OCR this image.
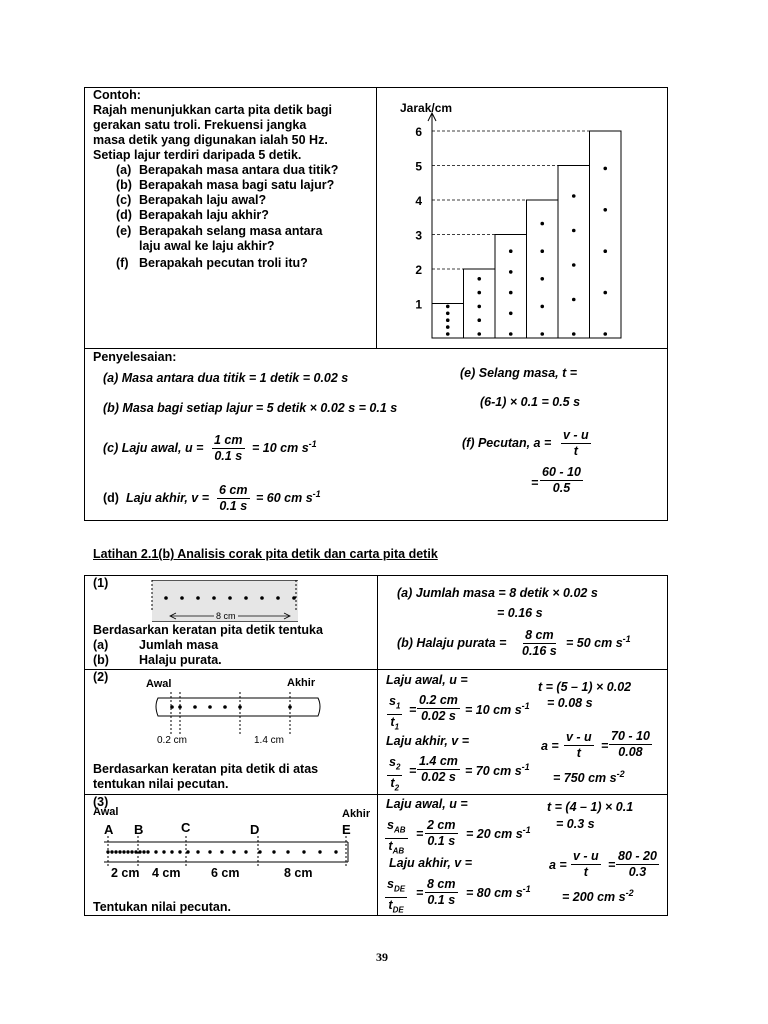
Contoh:
Rajah menunjukkan carta pita detik bagi
gerakan satu troli. Frekuensi jangka
masa detik yang digunakan ialah 50 Hz.
Setiap lajur terdiri daripada 5 detik.
(a) Berapakah masa antara dua titik?
(b) Berapakah masa bagi satu lajur?
(c) Berapakah laju awal?
(d) Berapakah laju akhir?
(e) Berapakah selang masa antara
laju awal ke laju akhir?
(f) Berapakah pecutan troli itu?
Jarak/cm
1
2
3
4
5
6
Penyelesaian:
(a) Masa antara dua titik = 1 detik = 0.02 s
(b) Masa bagi setiap lajur = 5 detik × 0.02 s = 0.1 s
(c) Laju awal, $u = \frac{1 cm}{0.1 s} = 10$ cm $s^{-1}$
(d) Laju akhir, $v = \frac{6 cm}{0.1 s} = 60$ cm $s^{-1}$
(e) Selang masa, t =
(6-1) × 0.1 = 0.5 s
(f) Pecutan, $a = \frac{v - u}{t}$
= $\frac{60 - 10}{0.5}$
Latihan 2.1(b) Analisis corak pita detik dan carta pita detik
(1)
8 cm
Berdasarkan keratan pita detik tentuka
(a) Jumlah masa
(b) Halaju purata.
(a) Jumlah masa = 8 detik × 0.02 s
= 0.16 s
(b) Halaju purata = $\frac{8 cm}{0.16 s} = 50$ cm $s^{-1}$
(2)	Awal	Akhir
0.2 cm	1.4 cm
Berdasarkan keratan pita detik di atas
tentukan nilai pecutan.
Laju awal, u =
$\frac{s_1}{t_1} = \frac{0.2 cm}{0.02 s} = 10$ cm $s^{-1}$
Laju akhir, v =
$\frac{s_2}{t_2} = \frac{1.4 cm}{0.02 s} = 70$ cm $s^{-1}$
t = (5 – 1) × 0.02
= 0.08 s
$a = \frac{v - u}{t} = \frac{70 - 10}{0.08}$
= 750 cm $s^{-2}$
(3)
Awal	Akhir
A B	C	D	E
2 cm 4 cm 6 cm	8 cm
Tentukan nilai pecutan.
Laju awal, u =
$s_{AB}$
$t_{AB}$
= $\frac{2 cm}{0.1 s} = 20$ cm $s^{-1}$
Laju akhir, v =
$s_{DE}$
$t_{DE}$
= $\frac{8 cm}{0.1 s} = 80$ cm $s^{-1}$
t = (4 – 1) × 0.1
= 0.3 s
$a = \frac{v - u}{t} = \frac{80 - 20}{0.3}$
= 200 cm $s^{-2}$
39
